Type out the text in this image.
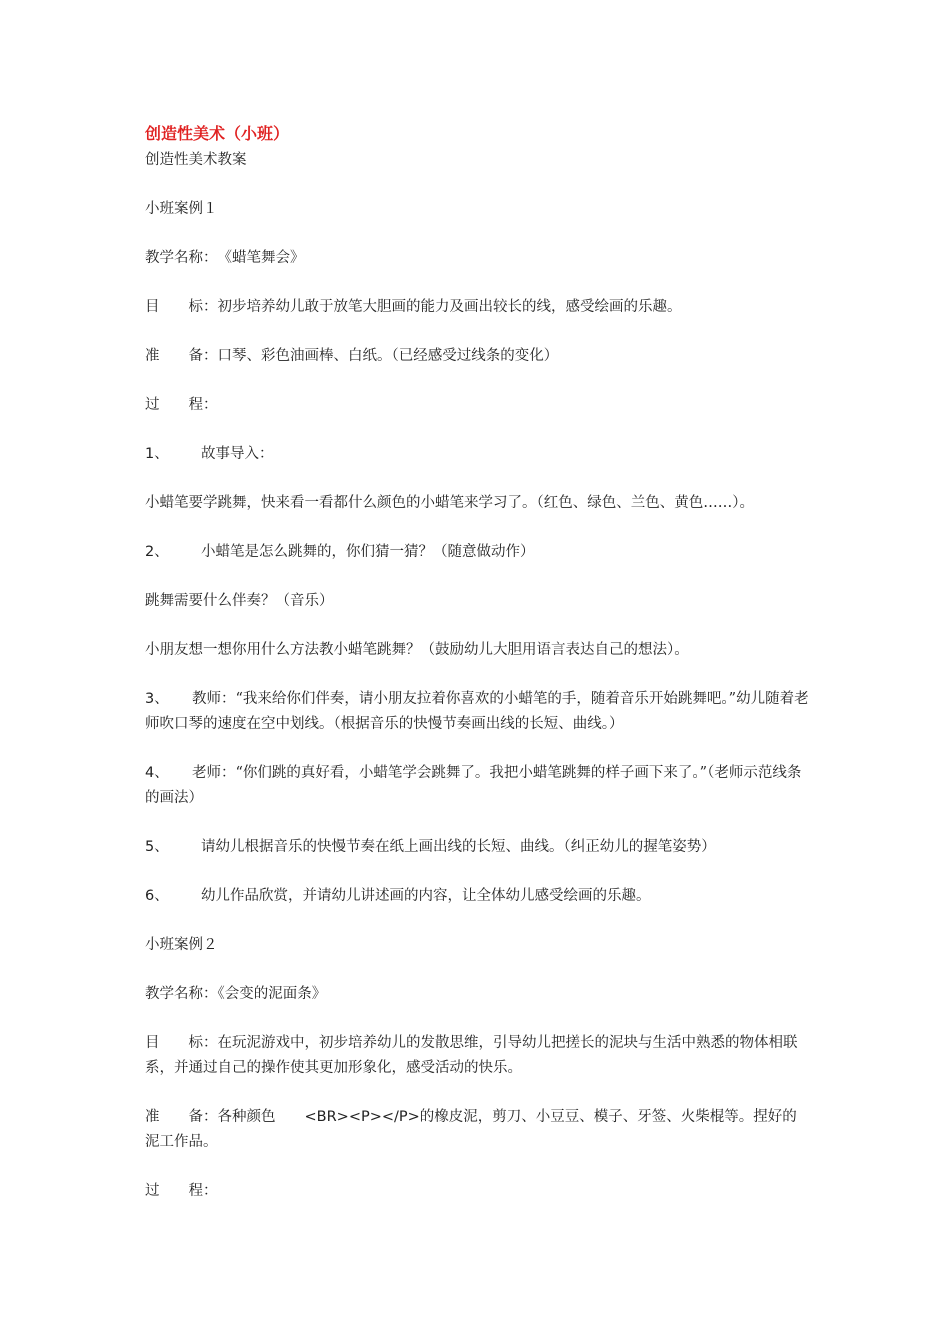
创造性美术（小班）

创造性美术教案

小班案例１

教学名称：　《蜡笔舞会》

目　　标：初步培养幼儿敢于放笔大胆画的能力及画出较长的线，感受绘画的乐趣。

准　　备：口琴、彩色油画棒、白纸。（已经感受过线条的变化）

过　　程：

1、 故事导入：

小蜡笔要学跳舞，快来看一看都什么颜色的小蜡笔来学习了。（红色、绿色、兰色、黄色……）。

2、 小蜡笔是怎么跳舞的，你们猜一猜？（随意做动作）

跳舞需要什么伴奏？（音乐）

小朋友想一想你用什么方法教小蜡笔跳舞？（鼓励幼儿大胆用语言表达自己的想法）。

3、 教师：“我来给你们伴奏，请小朋友拉着你喜欢的小蜡笔的手，随着音乐开始跳舞吧。”幼儿随着老师吹口琴的速度在空中划线。（根据音乐的快慢节奏画出线的长短、曲线。）

4、 老师：“你们跳的真好看，小蜡笔学会跳舞了。我把小蜡笔跳舞的样子画下来了。”（老师示范线条的画法）

5、 请幼儿根据音乐的快慢节奏在纸上画出线的长短、曲线。（纠正幼儿的握笔姿势）

6、 幼儿作品欣赏，并请幼儿讲述画的内容，让全体幼儿感受绘画的乐趣。

小班案例２

教学名称：《会变的泥面条》

目　　标：在玩泥游戏中，初步培养幼儿的发散思维，引导幼儿把搓长的泥块与生活中熟悉的物体相联系，并通过自己的操作使其更加形象化，感受活动的快乐。

准　　备：各种颜色　　<BR><P></P>的橡皮泥，剪刀、小豆豆、模子、牙签、火柴棍等。捏好的泥工作品。

过　　程：
